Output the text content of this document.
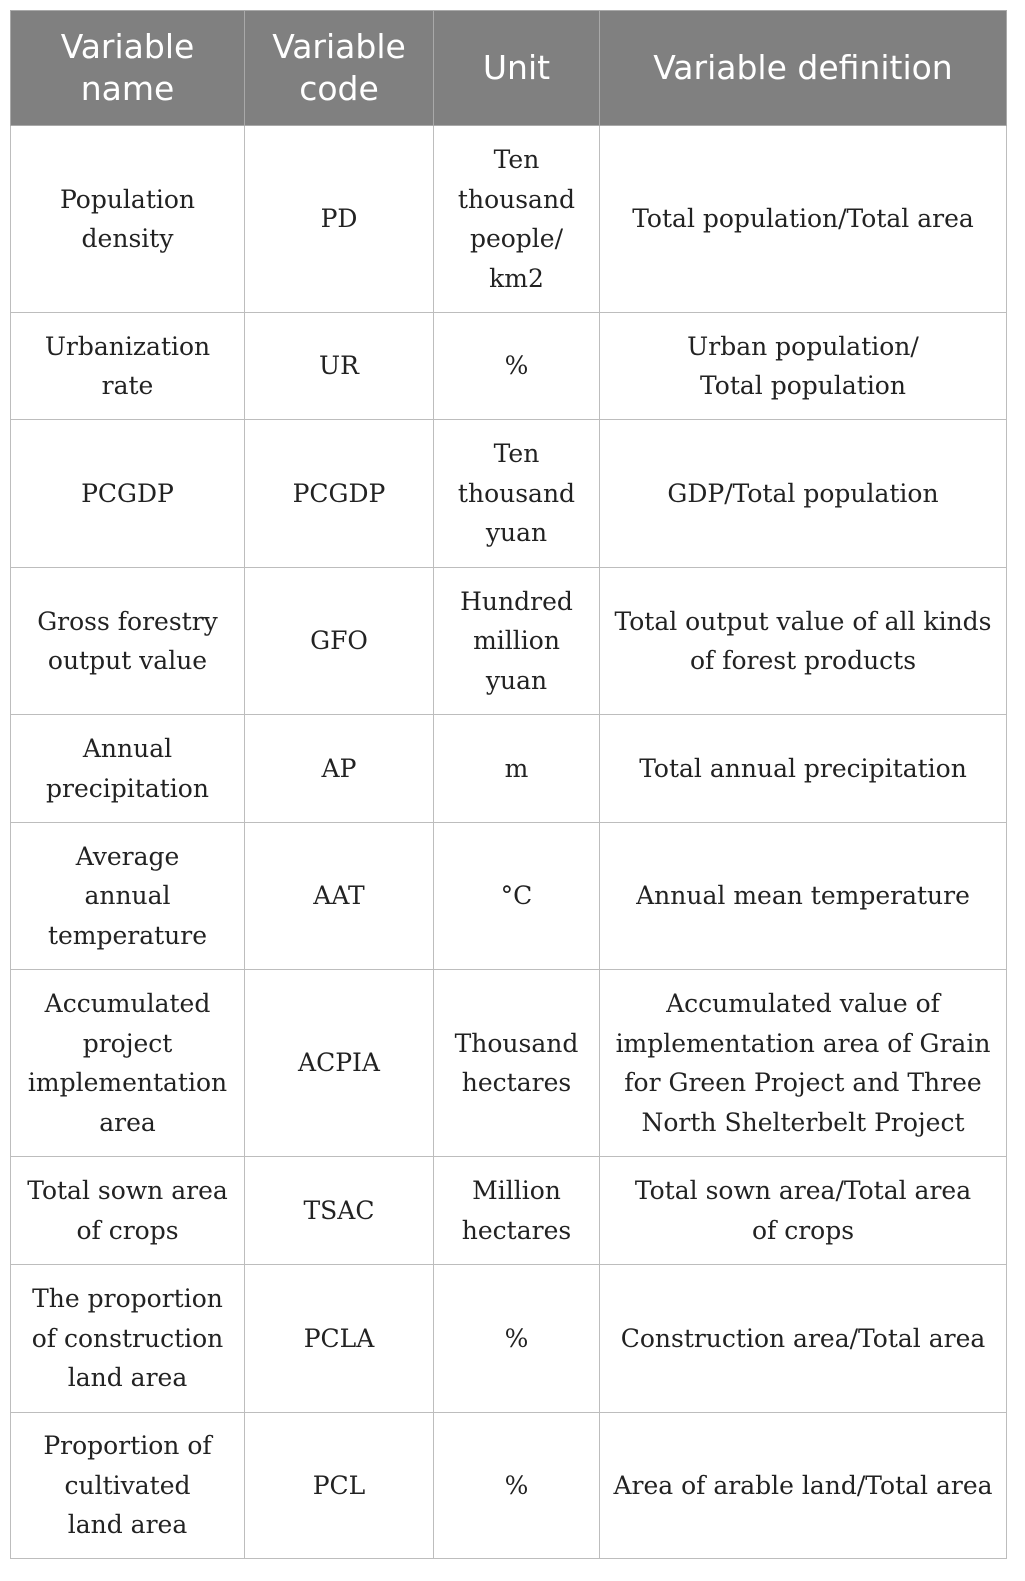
Variable
name	Variable
code	Unit	Variable definition

Population
density	PD	Ten
thousand
people/
km2	Total population/Total area

Urbanization
rate	UR	%	Urban population/
Total population

PCGDP	PCGDP	Ten
thousand
yuan	GDP/Total population

Gross forestry
output value	GFO	Hundred
million
yuan	Total output value of all kinds
of forest products

Annual
precipitation	AP	m	Total annual precipitation

Average
annual
temperature	AAT	°C	Annual mean temperature

Accumulated
project
implementation
area	ACPIA	Thousand
hectares	Accumulated value of
implementation area of Grain
for Green Project and Three
North Shelterbelt Project

Total sown area
of crops	TSAC	Million
hectares	Total sown area/Total area
of crops

The proportion
of construction
land area	PCLA	%	Construction area/Total area

Proportion of
cultivated
land area	PCL	%	Area of arable land/Total area
